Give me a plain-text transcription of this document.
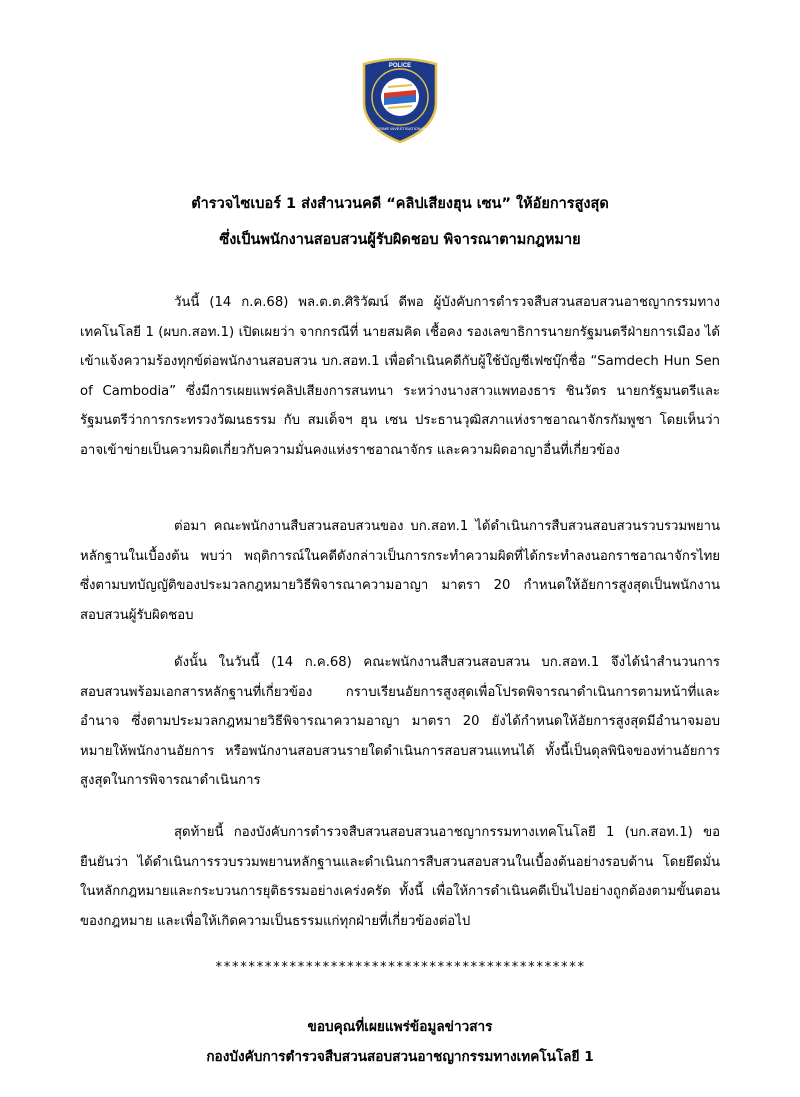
POLICE
CYBER CRIME INVESTIGATION BUREAU
ตำรวจไซเบอร์ 1 ส่งสำนวนคดี “คลิปเสียงฮุน เซน” ให้อัยการสูงสุด
ซึ่งเป็นพนักงานสอบสวนผู้รับผิดชอบ พิจารณาตามกฎหมาย

วันนี้ (14 ก.ค.68) พล.ต.ต.ศิริวัฒน์ ดีพอ ผู้บังคับการตำรวจสืบสวนสอบสวนอาชญากรรมทางเทคโนโลยี 1 (ผบก.สอท.1) เปิดเผยว่า จากกรณีที่ นายสมคิด เชื้อคง รองเลขาธิการนายกรัฐมนตรีฝ่ายการเมือง ได้เข้าแจ้งความร้องทุกข์ต่อพนักงานสอบสวน บก.สอท.1 เพื่อดำเนินคดีกับผู้ใช้บัญชีเฟซบุ๊กชื่อ “Samdech Hun Sen of Cambodia” ซึ่งมีการเผยแพร่คลิปเสียงการสนทนา ระหว่างนางสาวแพทองธาร ชินวัตร นายกรัฐมนตรีและรัฐมนตรีว่าการกระทรวงวัฒนธรรม กับ สมเด็จฯ ฮุน เซน ประธานวุฒิสภาแห่งราชอาณาจักรกัมพูชา โดยเห็นว่าอาจเข้าข่ายเป็นความผิดเกี่ยวกับความมั่นคงแห่งราชอาณาจักร และความผิดอาญาอื่นที่เกี่ยวข้อง

ต่อมา คณะพนักงานสืบสวนสอบสวนของ บก.สอท.1 ได้ดำเนินการสืบสวนสอบสวนรวบรวมพยานหลักฐานในเบื้องต้น พบว่า พฤติการณ์ในคดีดังกล่าวเป็นการกระทำความผิดที่ได้กระทำลงนอกราชอาณาจักรไทย ซึ่งตามบทบัญญัติของประมวลกฎหมายวิธีพิจารณาความอาญา มาตรา 20 กำหนดให้อัยการสูงสุดเป็นพนักงานสอบสวนผู้รับผิดชอบ

ดังนั้น ในวันนี้ (14 ก.ค.68) คณะพนักงานสืบสวนสอบสวน บก.สอท.1 จึงได้นำสำนวนการสอบสวนพร้อมเอกสารหลักฐานที่เกี่ยวข้อง กราบเรียนอัยการสูงสุดเพื่อโปรดพิจารณาดำเนินการตามหน้าที่และอำนาจ ซึ่งตามประมวลกฎหมายวิธีพิจารณาความอาญา มาตรา 20 ยังได้กำหนดให้อัยการสูงสุดมีอำนาจมอบหมายให้พนักงานอัยการ หรือพนักงานสอบสวนรายใดดำเนินการสอบสวนแทนได้ ทั้งนี้เป็นดุลพินิจของท่านอัยการสูงสุดในการพิจารณาดำเนินการ

สุดท้ายนี้ กองบังคับการตำรวจสืบสวนสอบสวนอาชญากรรมทางเทคโนโลยี 1 (บก.สอท.1) ขอยืนยันว่า ได้ดำเนินการรวบรวมพยานหลักฐานและดำเนินการสืบสวนสอบสวนในเบื้องต้นอย่างรอบด้าน โดยยึดมั่นในหลักกฎหมายและกระบวนการยุติธรรมอย่างเคร่งครัด ทั้งนี้ เพื่อให้การดำเนินคดีเป็นไปอย่างถูกต้องตามขั้นตอนของกฎหมาย และเพื่อให้เกิดความเป็นธรรมแก่ทุกฝ่ายที่เกี่ยวข้องต่อไป

*********************************************
ขอบคุณที่เผยแพร่ข้อมูลข่าวสาร
กองบังคับการตำรวจสืบสวนสอบสวนอาชญากรรมทางเทคโนโลยี 1
